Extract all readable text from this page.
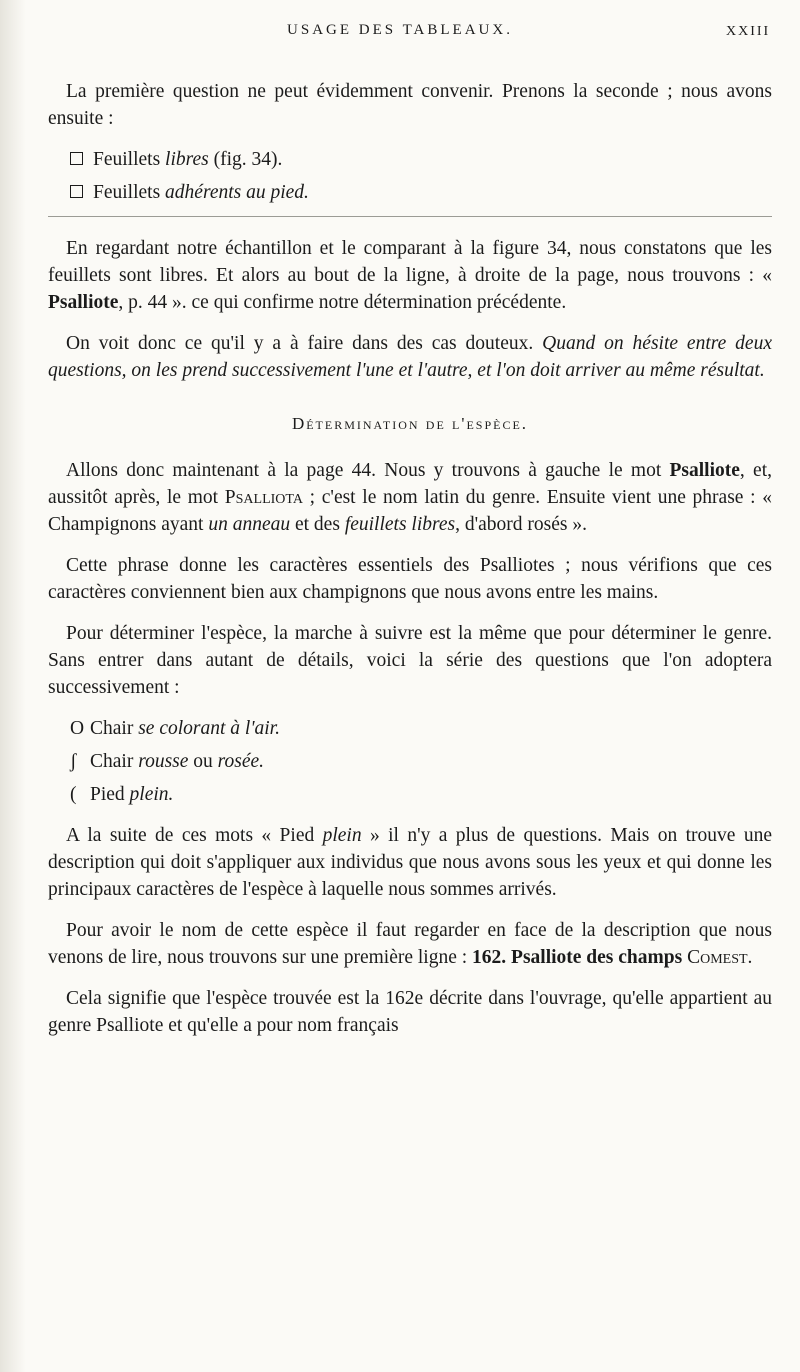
USAGE DES TABLEAUX.	XXIII

La première question ne peut évidemment convenir. Prenons la seconde ; nous avons ensuite :

Feuillets libres (fig. 34).
Feuillets adhérents au pied.

En regardant notre échantillon et le comparant à la figure 34, nous constatons que les feuillets sont libres. Et alors au bout de la ligne, à droite de la page, nous trouvons : « Psalliote, p. 44 ». ce qui confirme notre détermination précédente.

On voit donc ce qu'il y a à faire dans des cas douteux. Quand on hésite entre deux questions, on les prend successivement l'une et l'autre, et l'on doit arriver au même résultat.

Détermination de l'espèce.

Allons donc maintenant à la page 44. Nous y trouvons à gauche le mot Psalliote, et, aussitôt après, le mot Psalliota ; c'est le nom latin du genre. Ensuite vient une phrase : « Champignons ayant un anneau et des feuillets libres, d'abord rosés ».

Cette phrase donne les caractères essentiels des Psalliotes ; nous vérifions que ces caractères conviennent bien aux champignons que nous avons entre les mains.

Pour déterminer l'espèce, la marche à suivre est la même que pour déterminer le genre. Sans entrer dans autant de détails, voici la série des questions que l'on adoptera successivement :

O Chair se colorant à l'air.
ʃ Chair rousse ou rosée.
( Pied plein.

A la suite de ces mots « Pied plein » il n'y a plus de questions. Mais on trouve une description qui doit s'appliquer aux individus que nous avons sous les yeux et qui donne les principaux caractères de l'espèce à laquelle nous sommes arrivés.

Pour avoir le nom de cette espèce il faut regarder en face de la description que nous venons de lire, nous trouvons sur une première ligne : 162. Psalliote des champs Comest.

Cela signifie que l'espèce trouvée est la 162e décrite dans l'ouvrage, qu'elle appartient au genre Psalliote et qu'elle a pour nom français
